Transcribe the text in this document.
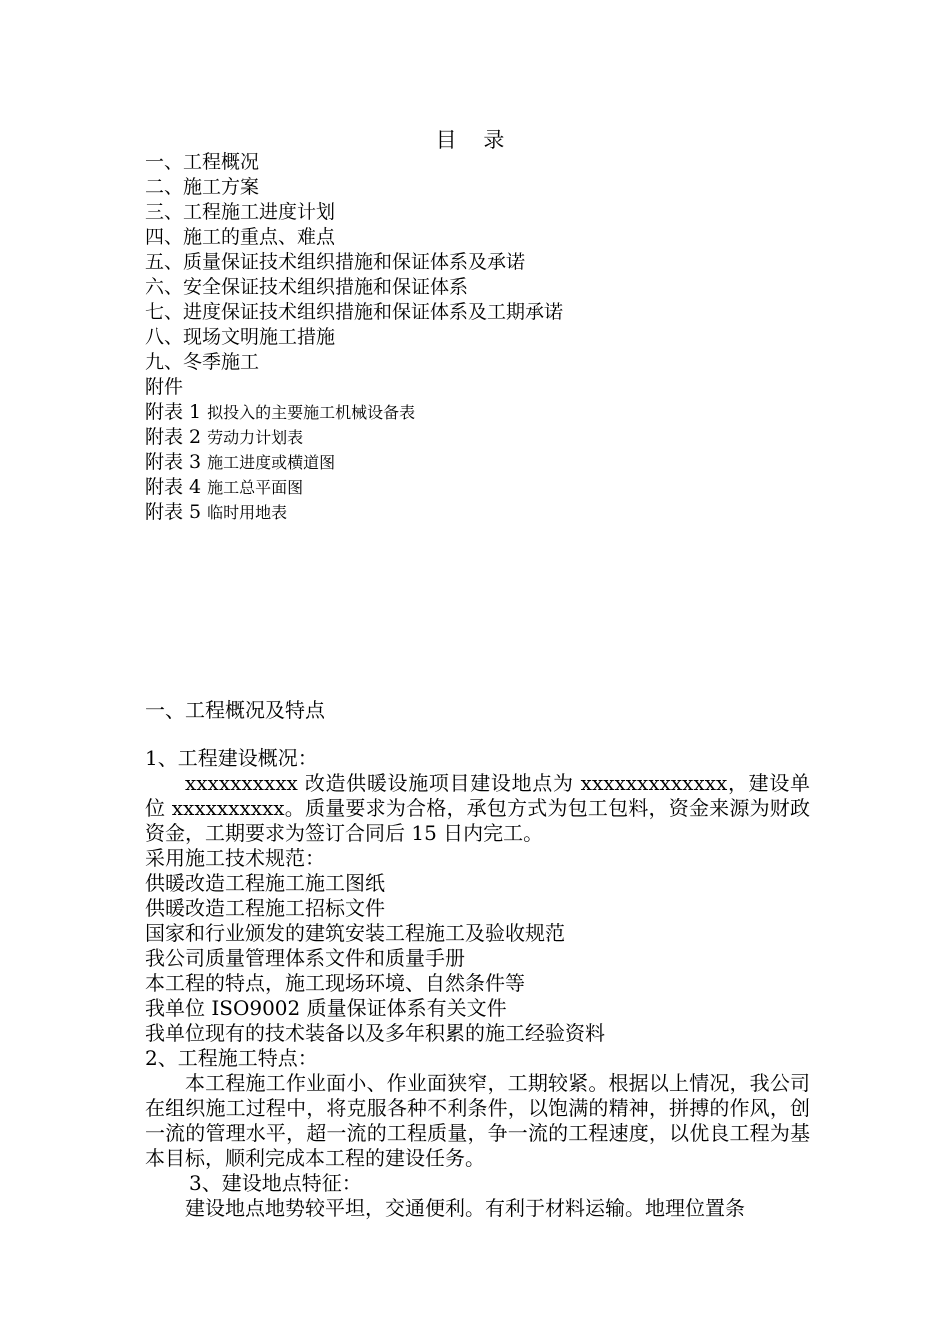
目 录
一、工程概况
二、施工方案
三、工程施工进度计划
四、施工的重点、难点
五、质量保证技术组织措施和保证体系及承诺
六、安全保证技术组织措施和保证体系
七、进度保证技术组织措施和保证体系及工期承诺
八、现场文明施工措施
九、冬季施工
附件
附表 1 拟投入的主要施工机械设备表
附表 2 劳动力计划表
附表 3 施工进度或横道图
附表 4 施工总平面图
附表 5 临时用地表
一、工程概况及特点
1、工程建设概况：
xxxxxxxxxx 改造供暖设施项目建设地点为 xxxxxxxxxxxxx，建设单位 xxxxxxxxxx。质量要求为合格，承包方式为包工包料，资金来源为财政资金，工期要求为签订合同后 15 日内完工。
采用施工技术规范：
供暖改造工程施工施工图纸
供暖改造工程施工招标文件
国家和行业颁发的建筑安装工程施工及验收规范
我公司质量管理体系文件和质量手册
本工程的特点，施工现场环境、自然条件等
我单位 ISO9002 质量保证体系有关文件
我单位现有的技术装备以及多年积累的施工经验资料
2、工程施工特点：
本工程施工作业面小、作业面狭窄，工期较紧。根据以上情况，我公司在组织施工过程中，将克服各种不利条件，以饱满的精神，拼搏的作风，创一流的管理水平，超一流的工程质量，争一流的工程速度，以优良工程为基本目标，顺利完成本工程的建设任务。
3、建设地点特征：
建设地点地势较平坦，交通便利。有利于材料运输。地理位置条
